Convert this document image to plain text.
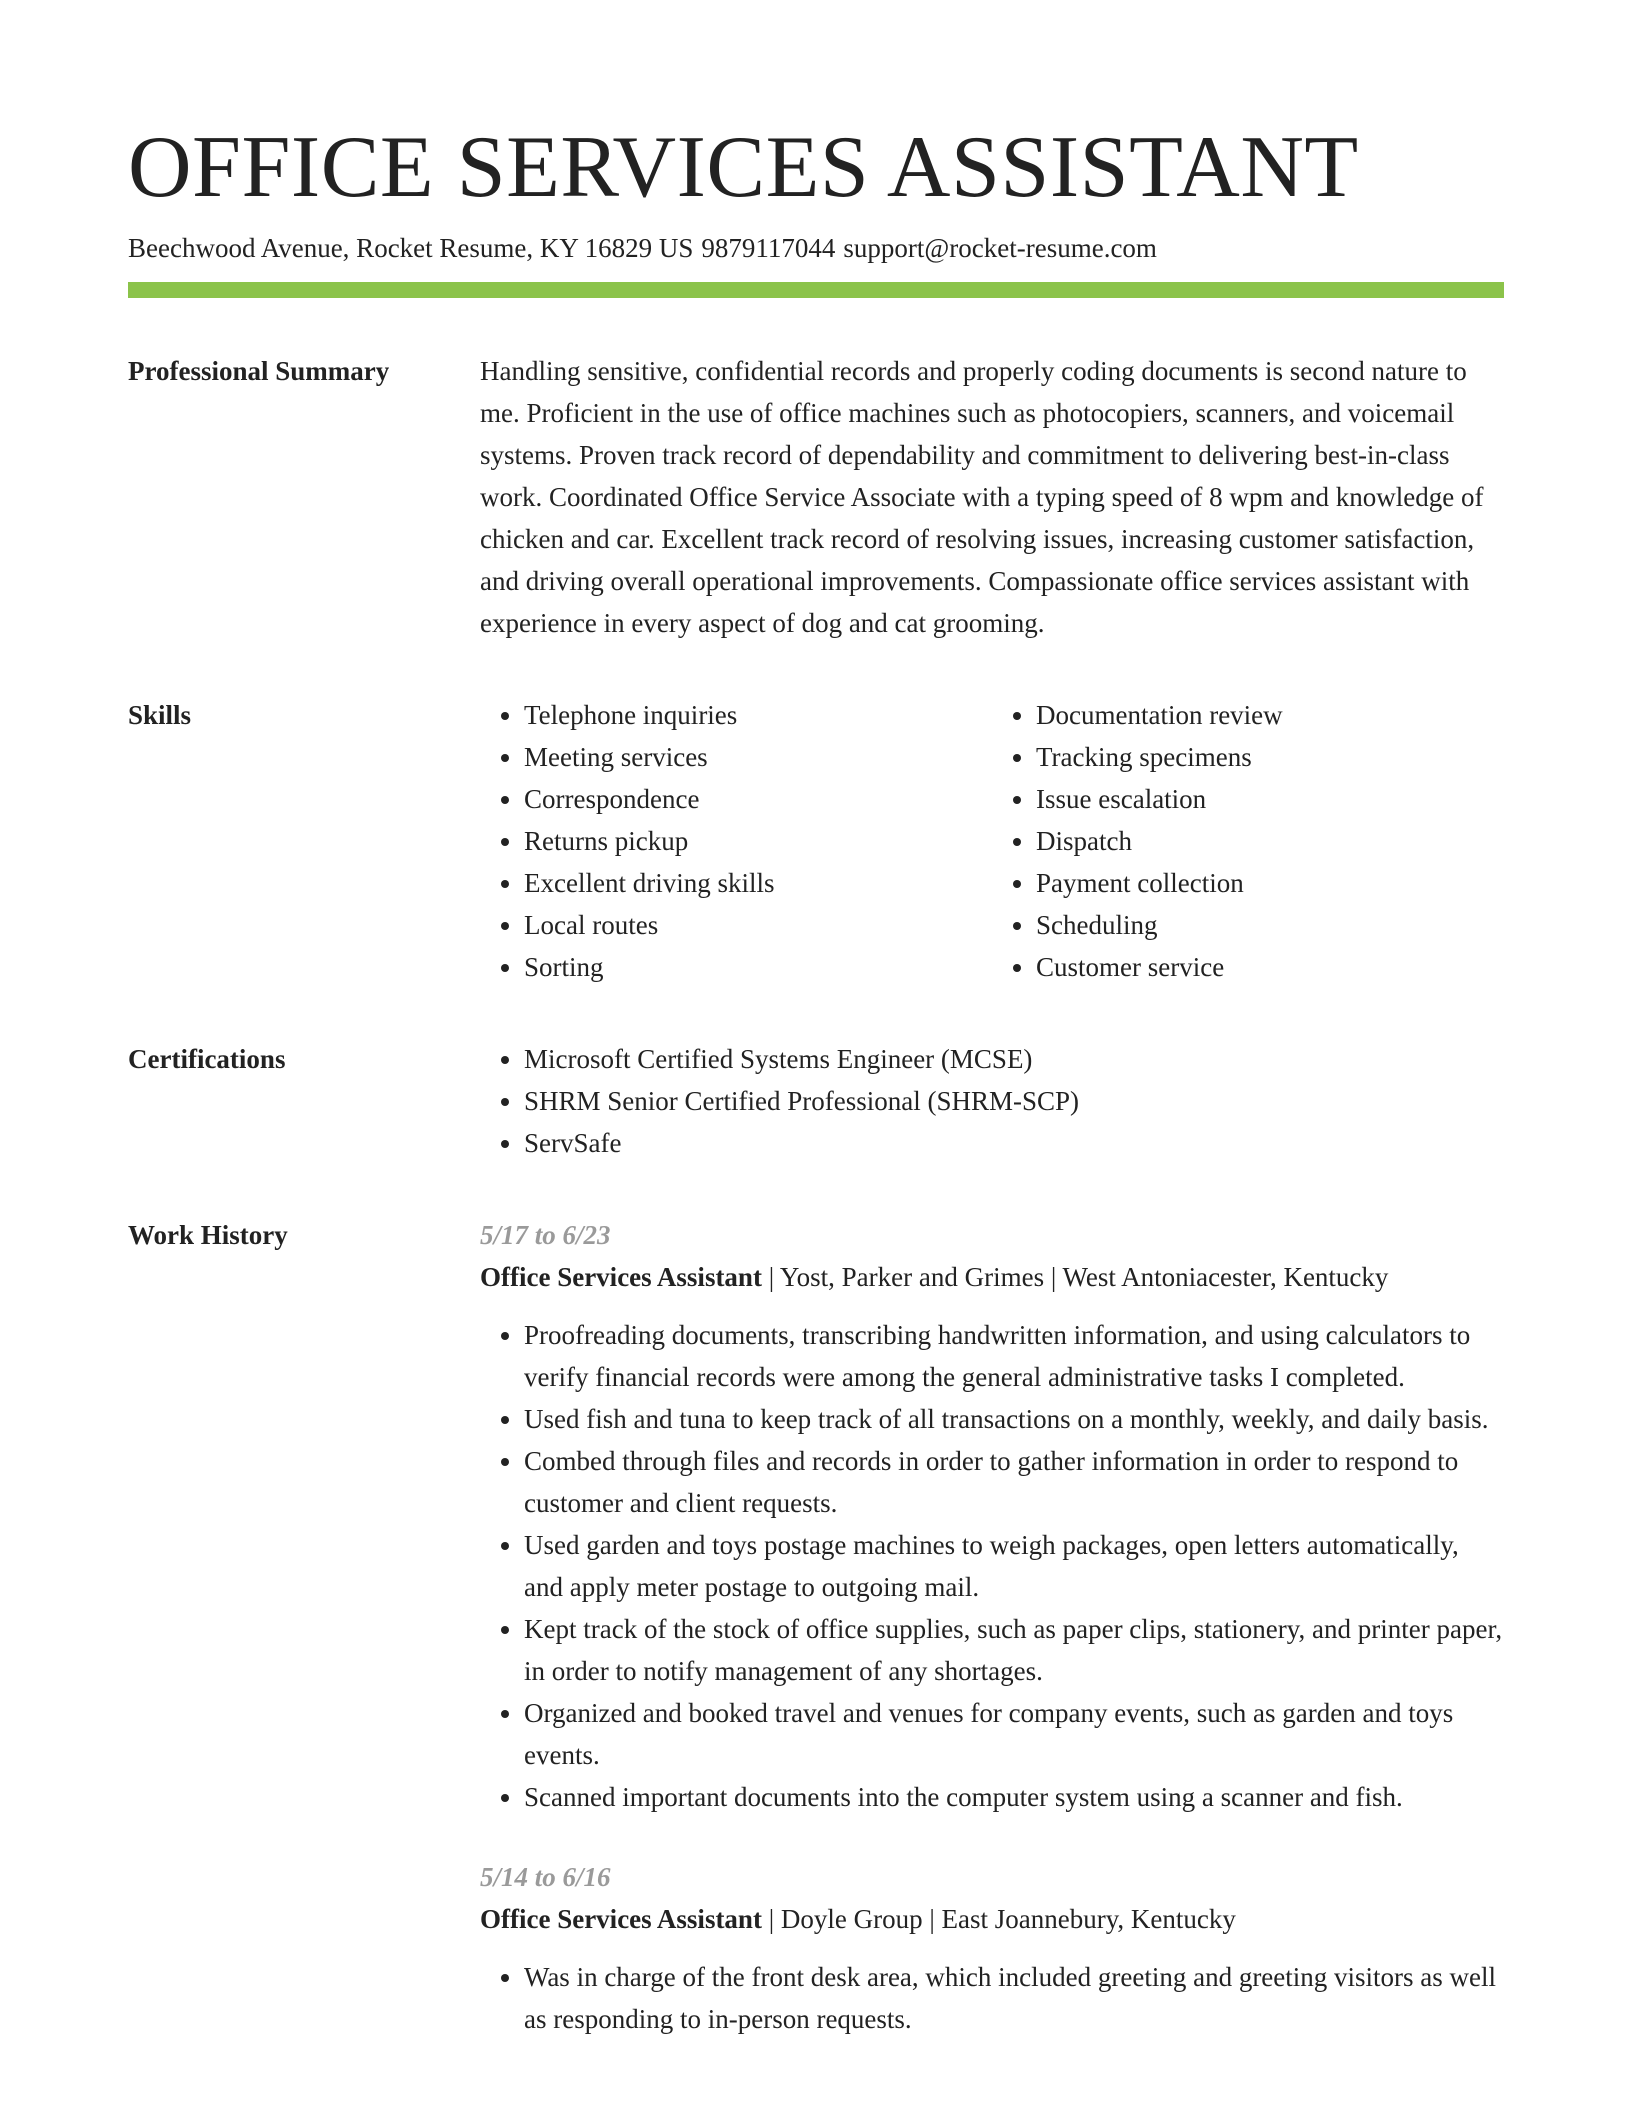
OFFICE SERVICES ASSISTANT
Beechwood Avenue, Rocket Resume, KY 16829 US 9879117044 support@rocket-resume.com
Professional Summary	Handling sensitive, confidential records and properly coding documents is second nature to me. Proficient in the use of office machines such as photocopiers, scanners, and voicemail systems. Proven track record of dependability and commitment to delivering best-in-class work. Coordinated Office Service Associate with a typing speed of 8 wpm and knowledge of chicken and car. Excellent track record of resolving issues, increasing customer satisfaction, and driving overall operational improvements. Compassionate office services assistant with experience in every aspect of dog and cat grooming.

Skills	• Telephone inquiries
• Meeting services
• Correspondence
• Returns pickup
• Excellent driving skills
• Local routes
• Sorting
• Documentation review
• Tracking specimens
• Issue escalation
• Dispatch
• Payment collection
• Scheduling
• Customer service
Certifications	• Microsoft Certified Systems Engineer (MCSE)
• SHRM Senior Certified Professional (SHRM-SCP)
• ServSafe
Work History	5/17 to 6/23
Office Services Assistant | Yost, Parker and Grimes | West Antoniacester, Kentucky
• Proofreading documents, transcribing handwritten information, and using calculators to verify financial records were among the general administrative tasks I completed.
• Used fish and tuna to keep track of all transactions on a monthly, weekly, and daily basis.
• Combed through files and records in order to gather information in order to respond to customer and client requests.
• Used garden and toys postage machines to weigh packages, open letters automatically, and apply meter postage to outgoing mail.
• Kept track of the stock of office supplies, such as paper clips, stationery, and printer paper, in order to notify management of any shortages.
• Organized and booked travel and venues for company events, such as garden and toys events.
• Scanned important documents into the computer system using a scanner and fish.
5/14 to 6/16
Office Services Assistant | Doyle Group | East Joannebury, Kentucky
• Was in charge of the front desk area, which included greeting and greeting visitors as well as responding to in-person requests.
